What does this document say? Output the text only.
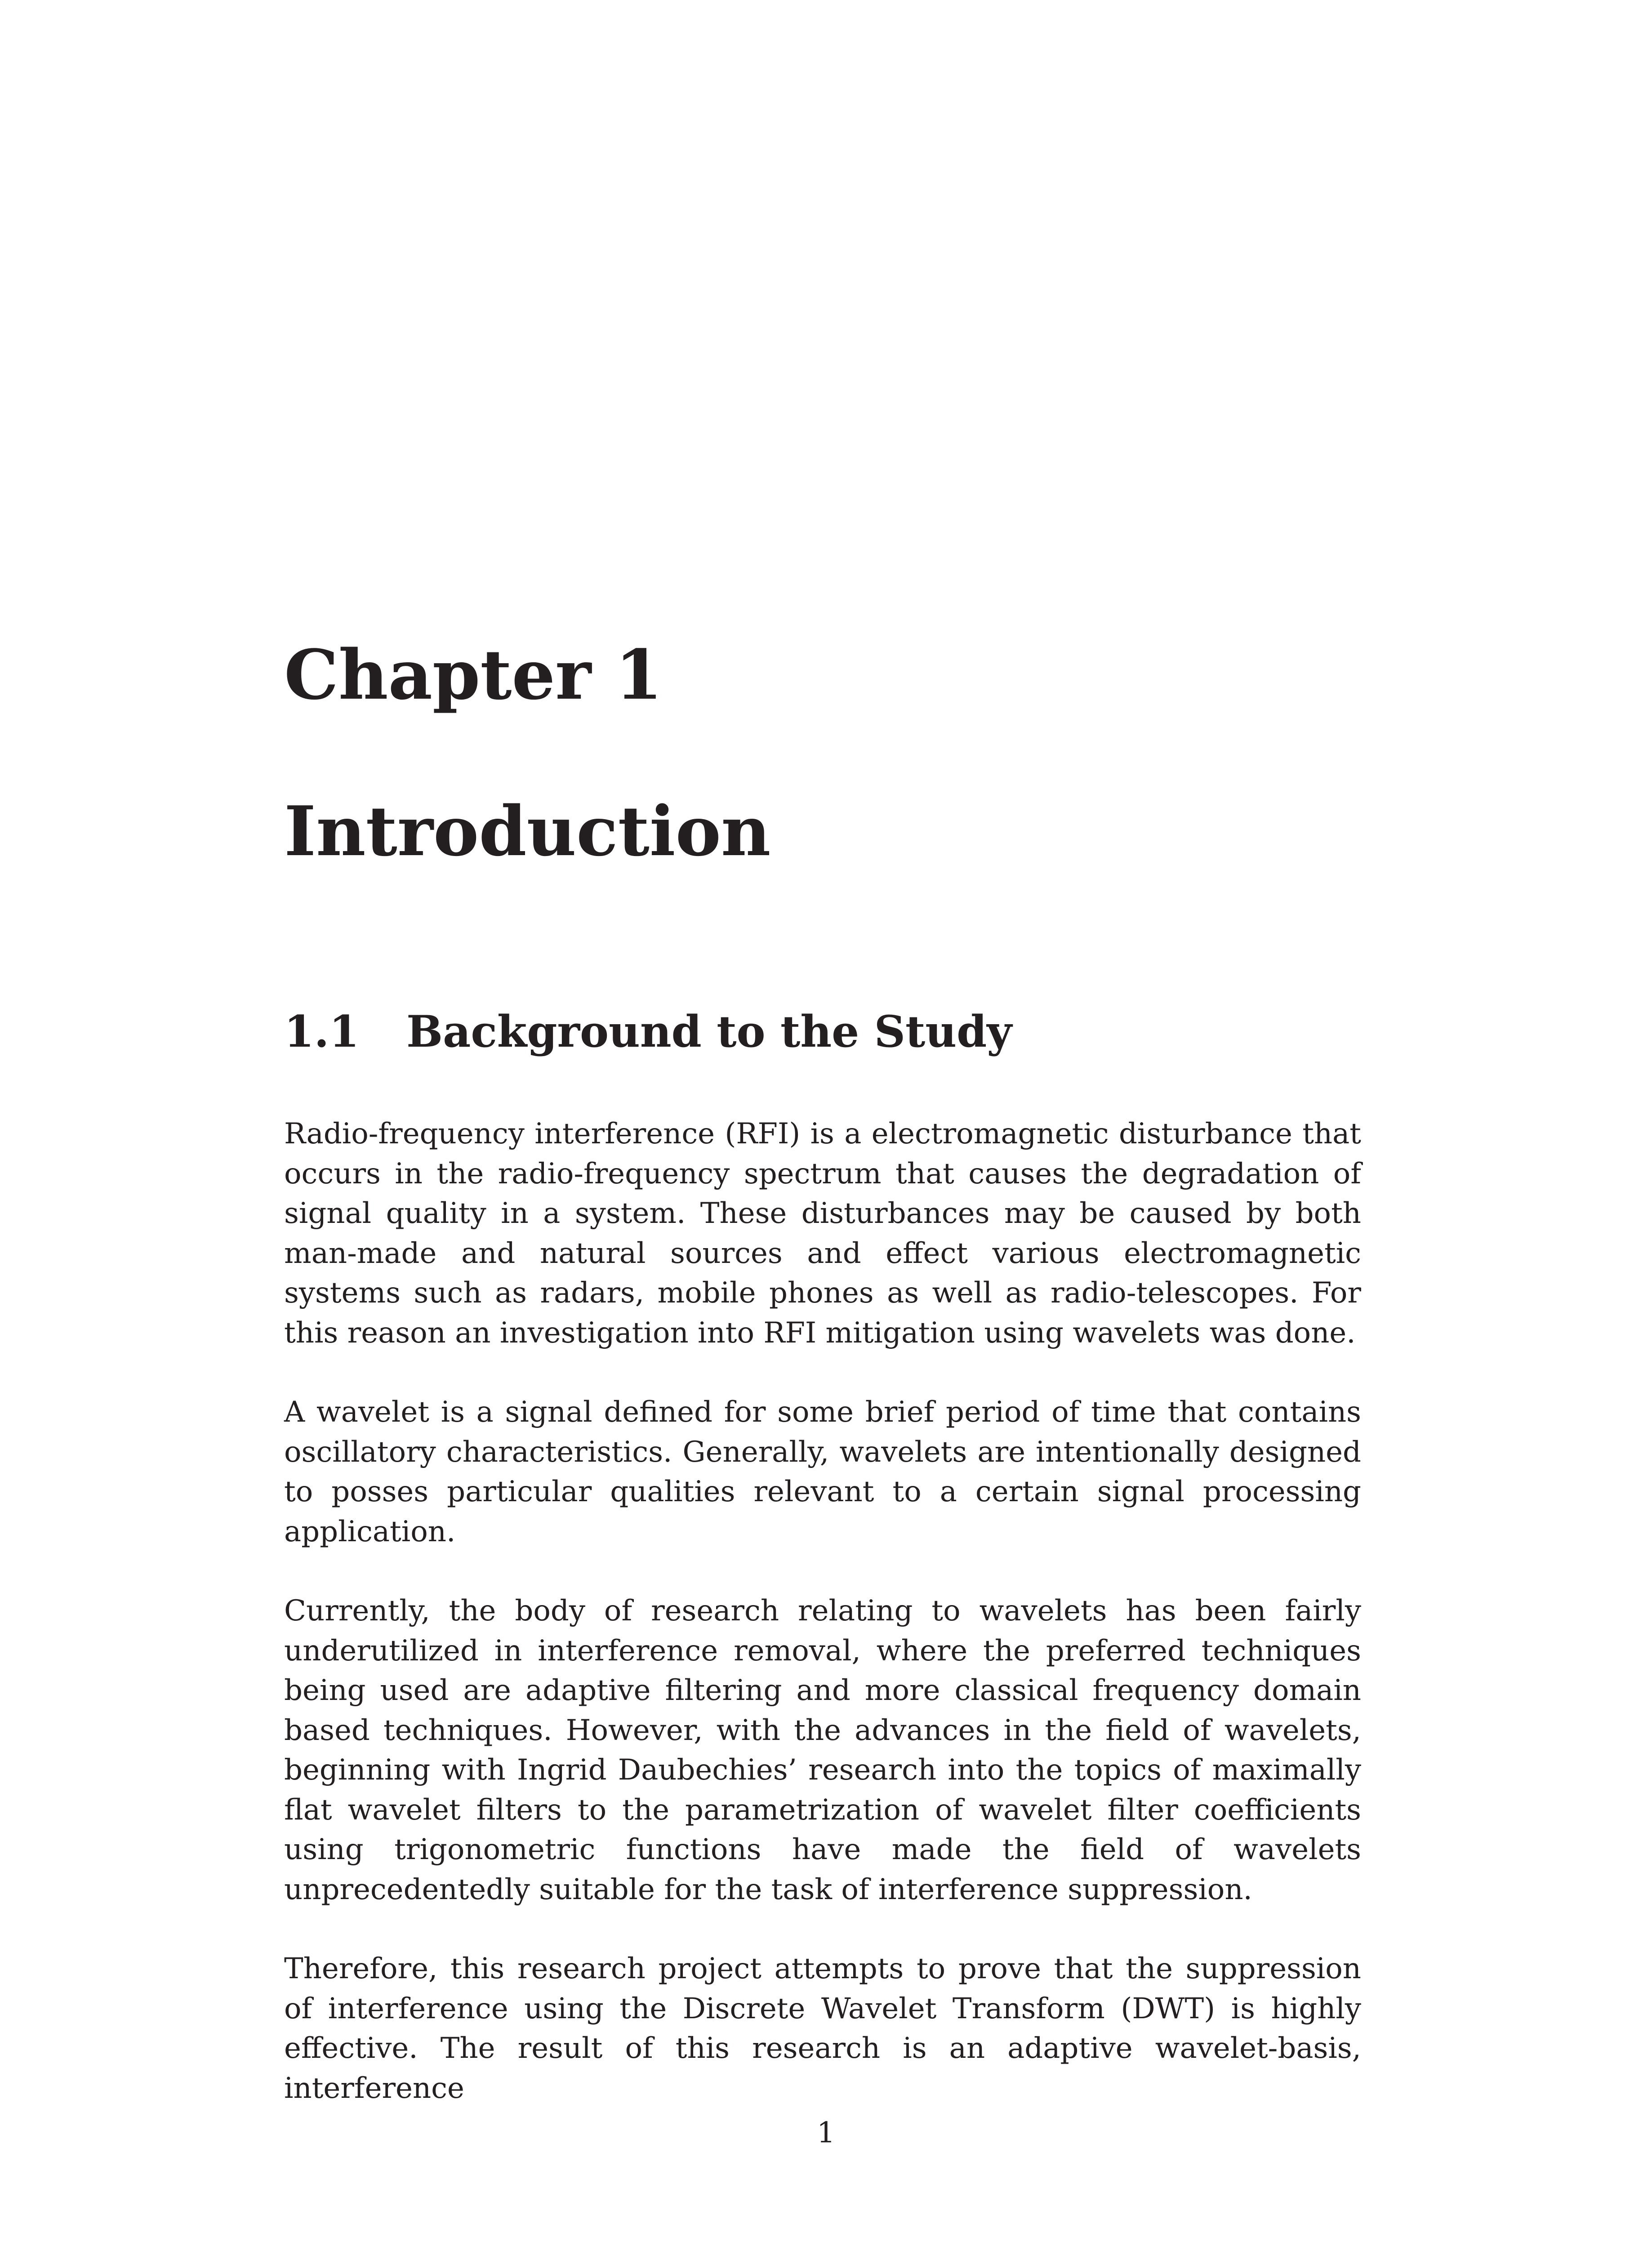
Chapter 1
Introduction
1.1	Background to the Study

Radio-frequency interference (RFI) is a electromagnetic disturbance that occurs in the radio-frequency spectrum that causes the degradation of signal quality in a system. These disturbances may be caused by both man-made and natural sources and effect various electromagnetic systems such as radars, mobile phones as well as radio-telescopes. For this reason an investigation into RFI mitigation using wavelets was done.

A wavelet is a signal defined for some brief period of time that contains oscillatory characteristics. Generally, wavelets are intentionally designed to posses particular qualities relevant to a certain signal processing application.

Currently, the body of research relating to wavelets has been fairly underutilized in interference removal, where the preferred techniques being used are adaptive filtering and more classical frequency domain based techniques. However, with the advances in the field of wavelets, beginning with Ingrid Daubechies’ research into the topics of maximally flat wavelet filters to the parametrization of wavelet filter coefficients using trigonometric functions have made the field of wavelets unprecedentedly suitable for the task of interference suppression.

Therefore, this research project attempts to prove that the suppression of interference using the Discrete Wavelet Transform (DWT) is highly effective. The result of this research is an adaptive wavelet-basis, interference

1
